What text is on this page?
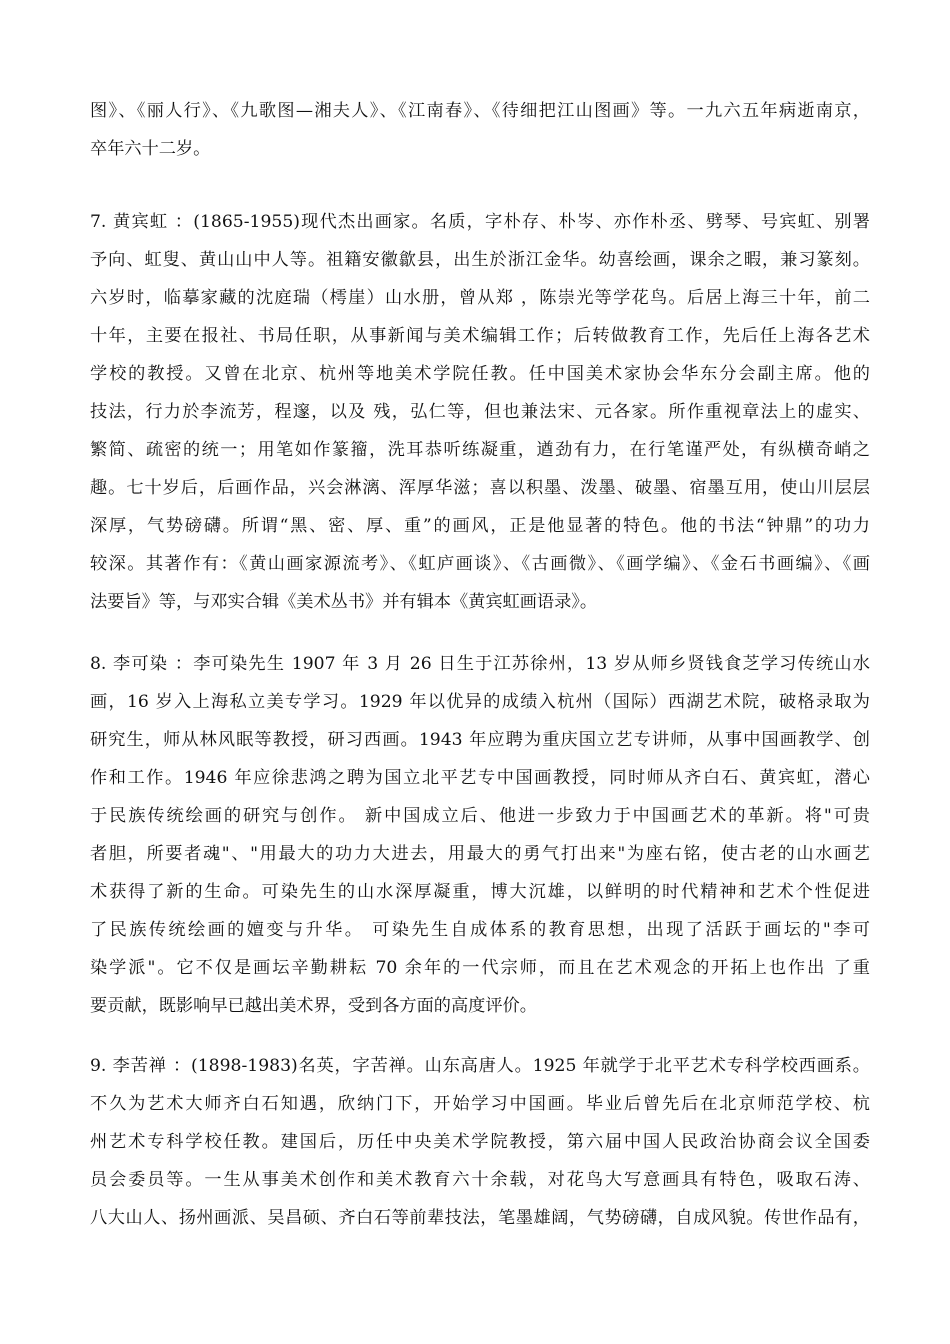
图》、《丽人行》、《九歌图—湘夫人》、《江南春》、《待细把江山图画》等。一九六五年病逝南京，
卒年六十二岁。
7. 黄宾虹 ：(1865-1955)现代杰出画家。名质，字朴存、朴岑、亦作朴丞、劈琴、号宾虹、别署
予向、虹叟、黄山山中人等。祖籍安徽歙县，出生於浙江金华。幼喜绘画，课余之暇，兼习篆刻。
六岁时，临摹家藏的沈庭瑞（樗崖）山水册，曾从郑 ，陈崇光等学花鸟。后居上海三十年，前二
十年，主要在报社、书局任职，从事新闻与美术编辑工作；后转做教育工作，先后任上海各艺术
学校的教授。又曾在北京、杭州等地美术学院任教。任中国美术家协会华东分会副主席。他的
技法，行力於李流芳，程邃，以及 残，弘仁等，但也兼法宋、元各家。所作重视章法上的虚实、
繁简、疏密的统一；用笔如作篆籀，洗耳恭听练凝重，遒劲有力，在行笔谨严处，有纵横奇峭之
趣。七十岁后，后画作品，兴会淋漓、浑厚华滋；喜以积墨、泼墨、破墨、宿墨互用，使山川层层
深厚，气势磅礴。所谓“黑、密、厚、重”的画风，正是他显著的特色。他的书法“钟鼎”的功力
较深。其著作有：《黄山画家源流考》、《虹庐画谈》、《古画微》、《画学编》、《金石书画编》、《画
法要旨》等，与邓实合辑《美术丛书》并有辑本《黄宾虹画语录》。
8. 李可染 ：李可染先生 1907 年 3 月 26 日生于江苏徐州，13 岁从师乡贤钱食芝学习传统山水
画，16 岁入上海私立美专学习。1929 年以优异的成绩入杭州（国际）西湖艺术院，破格录取为
研究生，师从林风眠等教授，研习西画。1943 年应聘为重庆国立艺专讲师，从事中国画教学、创
作和工作。1946 年应徐悲鸿之聘为国立北平艺专中国画教授，同时师从齐白石、黄宾虹，潜心
于民族传统绘画的研究与创作。 新中国成立后、他进一步致力于中国画艺术的革新。将"可贵
者胆，所要者魂"、"用最大的功力大进去，用最大的勇气打出来"为座右铭，使古老的山水画艺
术获得了新的生命。可染先生的山水深厚凝重，博大沉雄，以鲜明的时代精神和艺术个性促进
了民族传统绘画的嬗变与升华。 可染先生自成体系的教育思想，出现了活跃于画坛的"李可
染学派"。它不仅是画坛辛勤耕耘 70 余年的一代宗师，而且在艺术观念的开拓上也作出 了重
要贡献，既影响早已越出美术界，受到各方面的高度评价。
9. 李苦禅 ：(1898-1983)名英，字苦禅。山东高唐人。1925 年就学于北平艺术专科学校西画系。
不久为艺术大师齐白石知遇，欣纳门下，开始学习中国画。毕业后曾先后在北京师范学校、杭
州艺术专科学校任教。建国后，历任中央美术学院教授，第六届中国人民政治协商会议全国委
员会委员等。一生从事美术创作和美术教育六十余载，对花鸟大写意画具有特色，吸取石涛、
八大山人、扬州画派、吴昌硕、齐白石等前辈技法，笔墨雄阔，气势磅礴，自成风貌。传世作品有，
